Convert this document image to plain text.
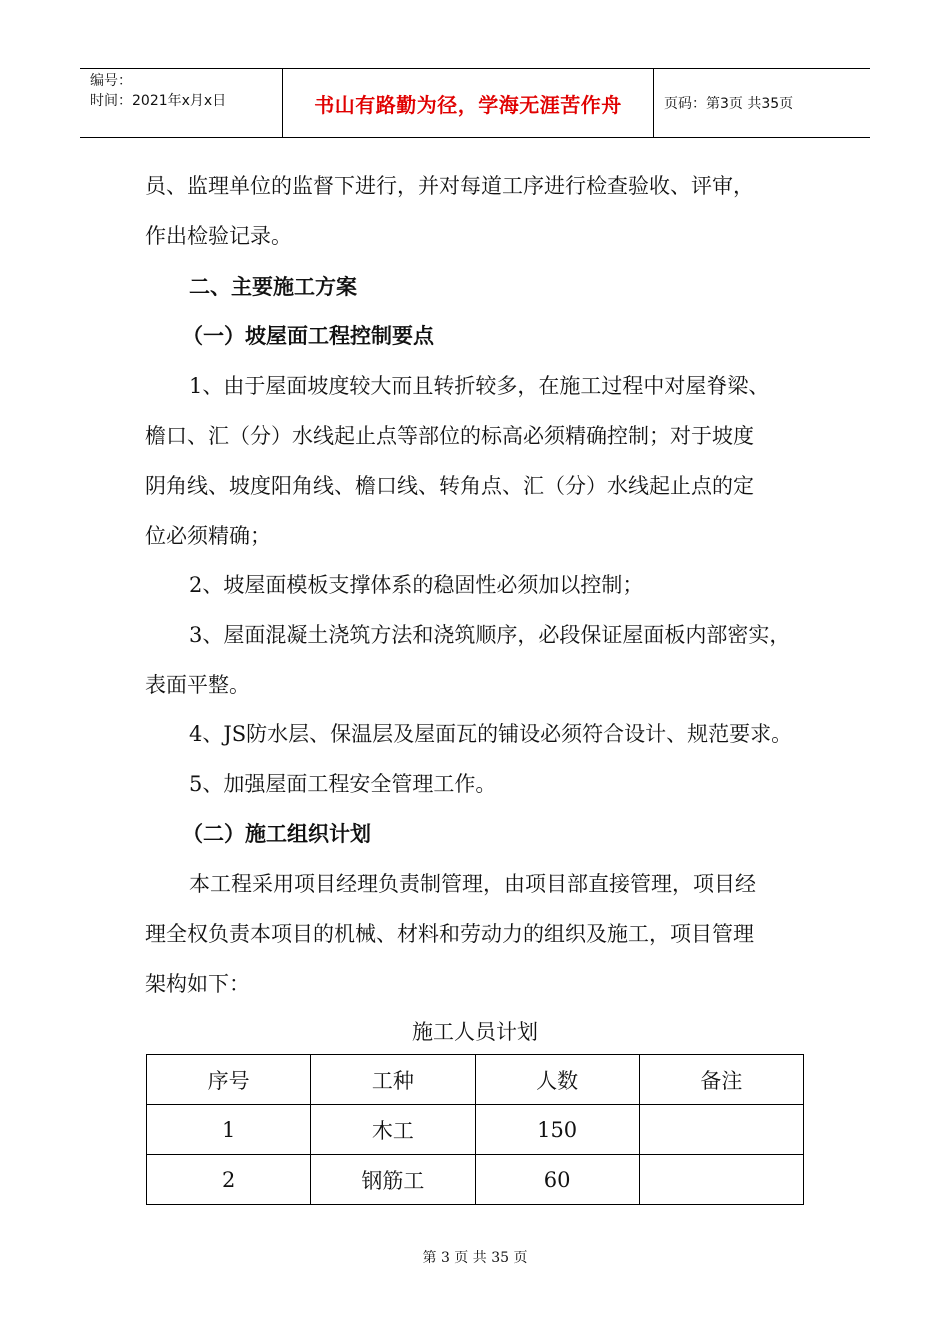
编号：
时间：2021年x月x日	书山有路勤为径，学海无涯苦作舟	页码：第3页 共35页
员、监理单位的监督下进行，并对每道工序进行检查验收、评审，
作出检验记录。
二、主要施工方案
（一）坡屋面工程控制要点
1、由于屋面坡度较大而且转折较多，在施工过程中对屋脊梁、
檐口、汇（分）水线起止点等部位的标高必须精确控制；对于坡度
阴角线、坡度阳角线、檐口线、转角点、汇（分）水线起止点的定
位必须精确；
2、坡屋面模板支撑体系的稳固性必须加以控制；
3、屋面混凝土浇筑方法和浇筑顺序，必段保证屋面板内部密实，
表面平整。
4、JS防水层、保温层及屋面瓦的铺设必须符合设计、规范要求。
5、加强屋面工程安全管理工作。
（二）施工组织计划
本工程采用项目经理负责制管理，由项目部直接管理，项目经
理全权负责本项目的机械、材料和劳动力的组织及施工，项目管理
架构如下：
施工人员计划
序号	工种	人数	备注
1	木工	150	
2	钢筋工	60	
第 3 页 共 35 页
